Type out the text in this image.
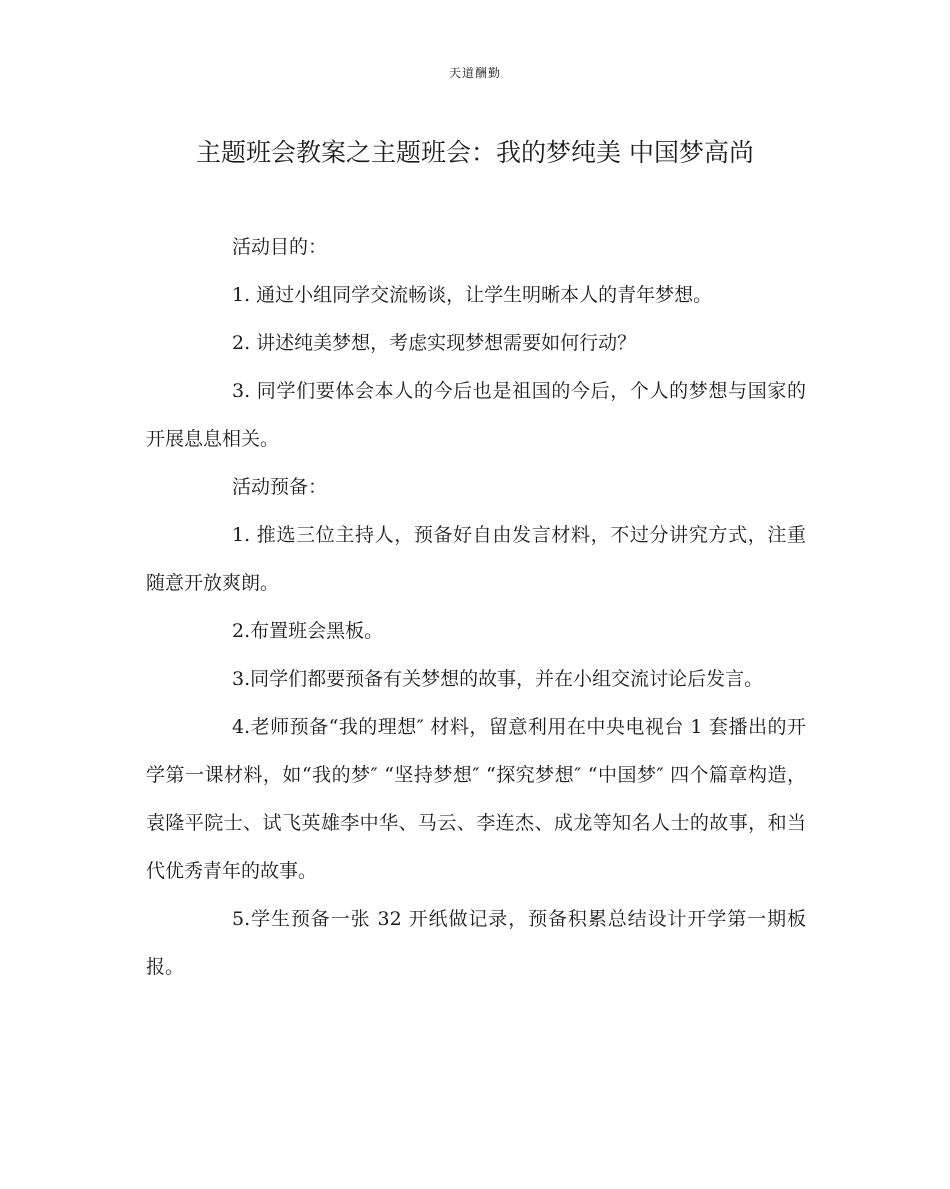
天道酬勤
主题班会教案之主题班会：我的梦纯美 中国梦高尚

活动目的：

1. 通过小组同学交流畅谈，让学生明晰本人的青年梦想。

2. 讲述纯美梦想，考虑实现梦想需要如何行动？

3. 同学们要体会本人的今后也是祖国的今后，个人的梦想与国家的开展息息相关。

活动预备：

1. 推选三位主持人，预备好自由发言材料，不过分讲究方式，注重随意开放爽朗。

2.布置班会黑板。

3.同学们都要预备有关梦想的故事，并在小组交流讨论后发言。

4.老师预备“我的理想″ 材料，留意利用在中央电视台 1 套播出的开学第一课材料，如“我的梦″ “坚持梦想″ “探究梦想″ “中国梦″ 四个篇章构造，袁隆平院士、试飞英雄李中华、马云、李连杰、成龙等知名人士的故事，和当代优秀青年的故事。

5.学生预备一张 32 开纸做记录，预备积累总结设计开学第一期板报。
